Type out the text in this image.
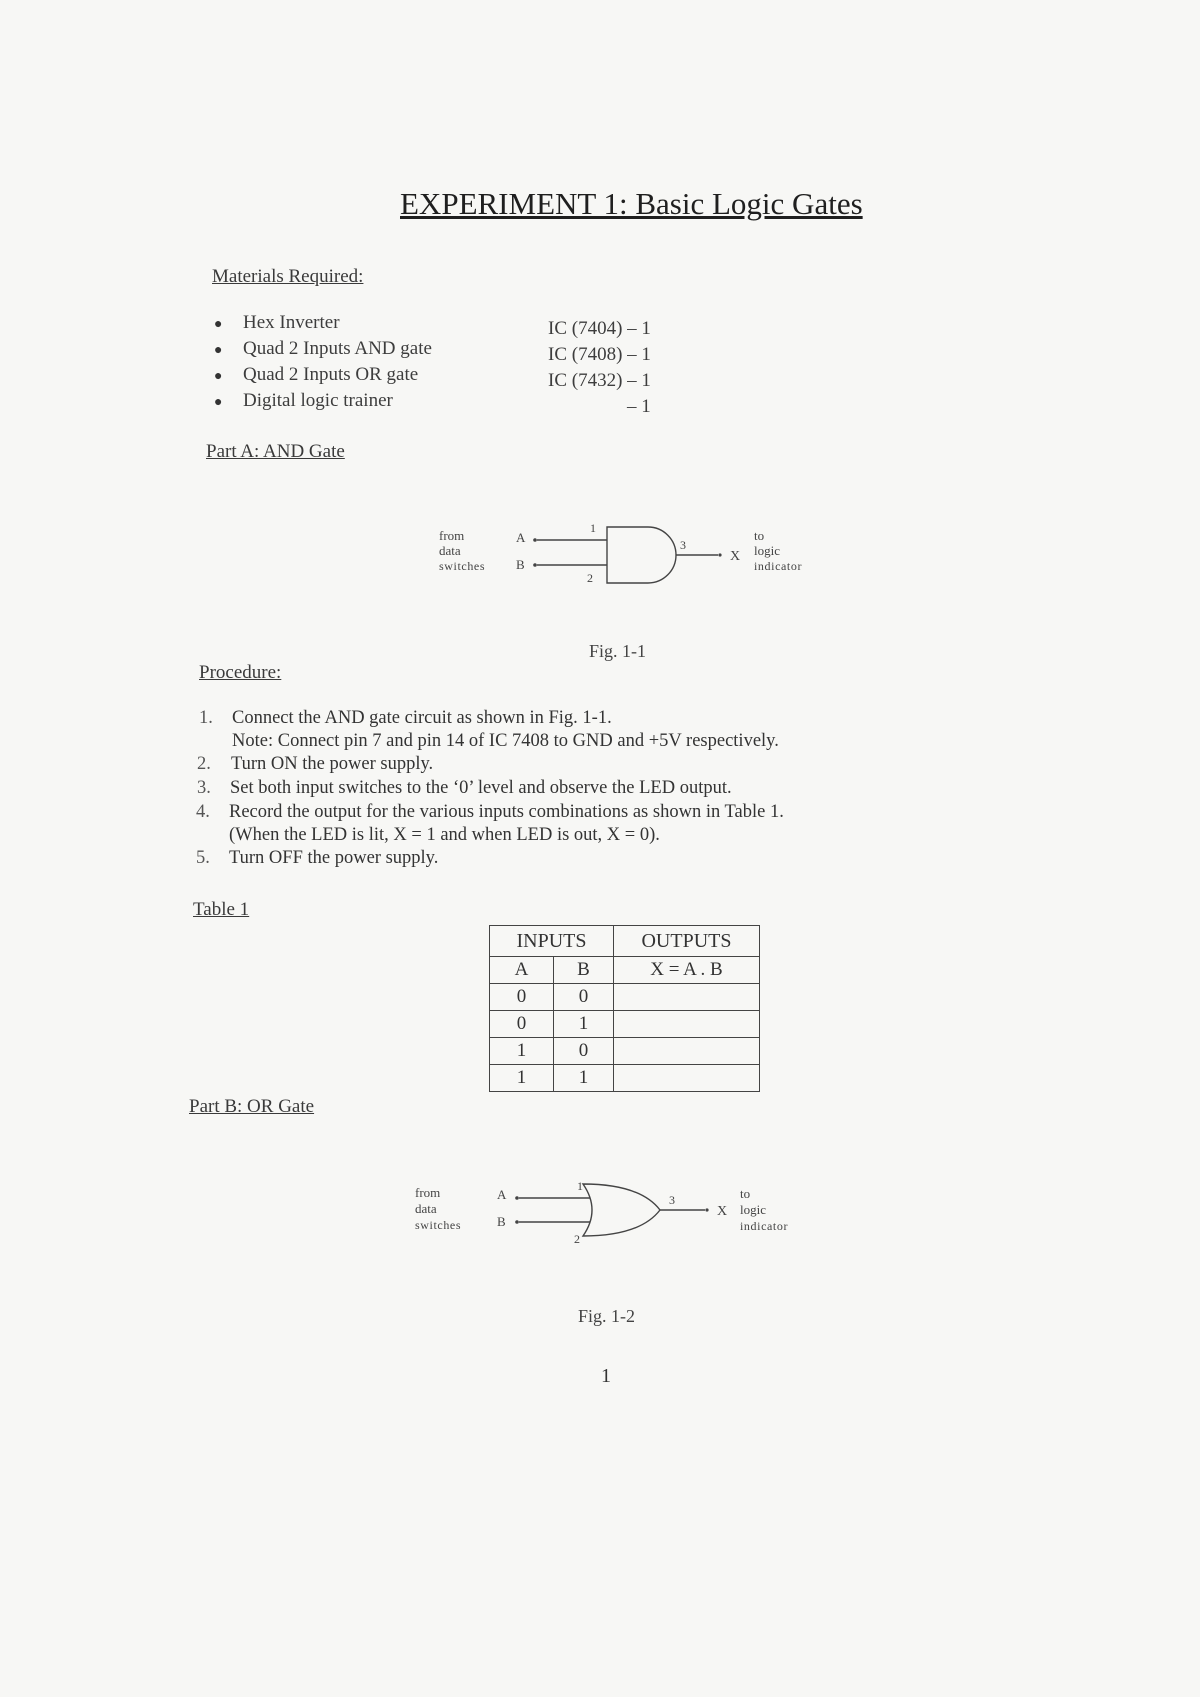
EXPERIMENT 1: Basic Logic Gates
Materials Required:
● Hex Inverter	IC (7404) – 1
● Quad 2 Inputs AND gate	IC (7408) – 1
● Quad 2 Inputs OR gate	IC (7432) – 1
● Digital logic trainer	– 1
Part A: AND Gate
from
data
switches
A
B
1
2
3
X
to
logic
indicator
Fig. 1-1
Procedure:
1. Connect the AND gate circuit as shown in Fig. 1-1.
Note: Connect pin 7 and pin 14 of IC 7408 to GND and +5V respectively.
2. Turn ON the power supply.
3. Set both input switches to the ‘0’ level and observe the LED output.
4. Record the output for the various inputs combinations as shown in Table 1.
(When the LED is lit, X = 1 and when LED is out, X = 0).
5. Turn OFF the power supply.
Table 1
INPUTS		OUTPUTS
A	B	X = A . B
0	0	
0	1	
1	0	
1	1	
Part B: OR Gate
from
data
switches
A
B
1
2
3
X
to
logic
indicator
Fig. 1-2
1
